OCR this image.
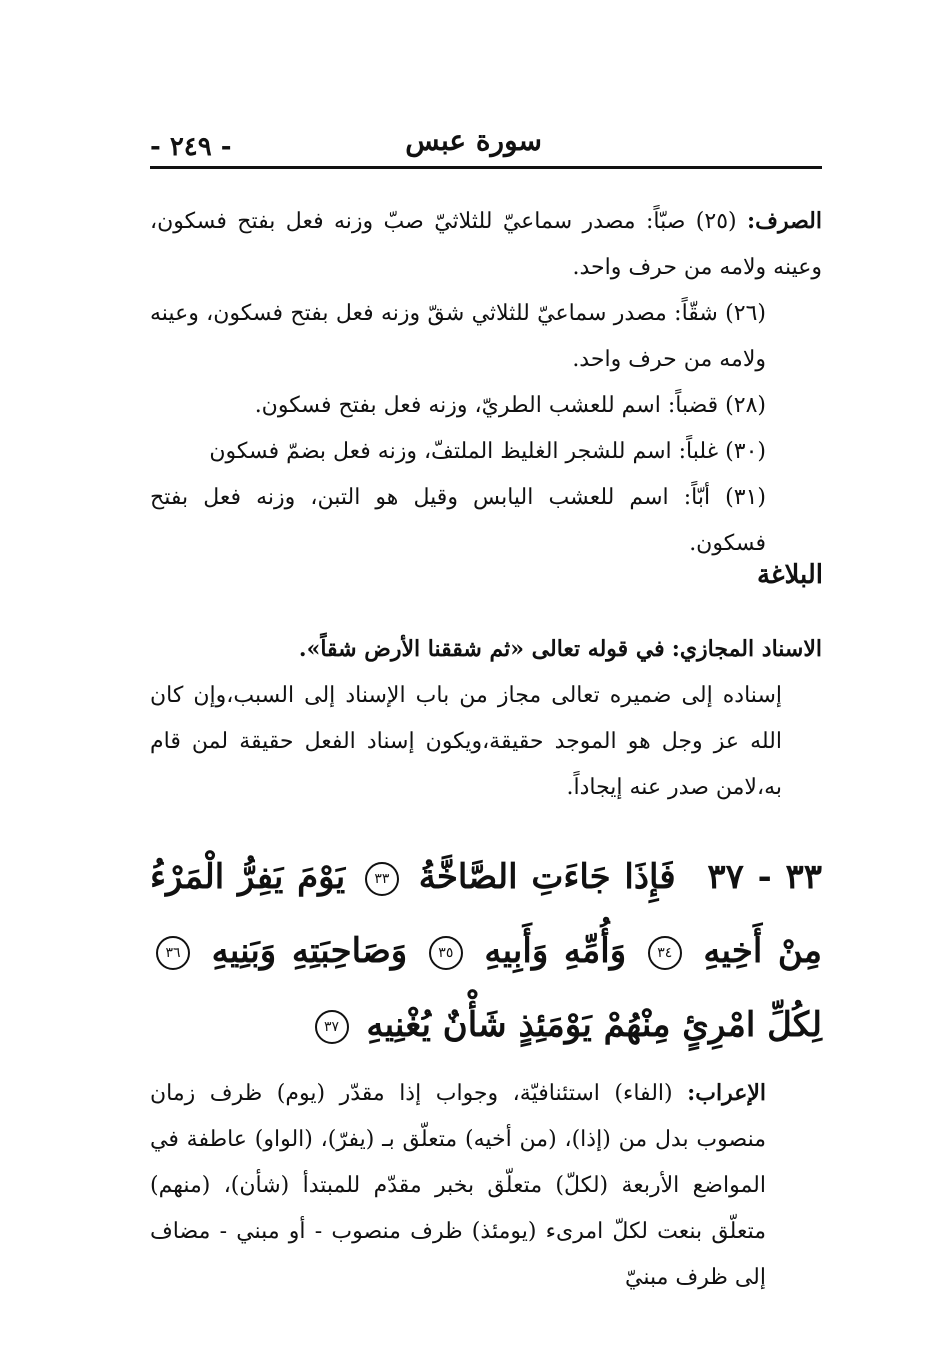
- ٢٤٩ -	سورة عبس

الصرف: (٢٥) صبّاً: مصدر سماعيّ للثلاثيّ صبّ وزنه فعل بفتح فسكون، وعينه ولامه من حرف واحد.

(٢٦) شقّاً: مصدر سماعيّ للثلاثي شقّ وزنه فعل بفتح فسكون، وعينه ولامه من حرف واحد.

(٢٨) قضباً: اسم للعشب الطريّ، وزنه فعل بفتح فسكون.

(٣٠) غلباً: اسم للشجر الغليظ الملتفّ، وزنه فعل بضمّ فسكون

(٣١) أبّاً: اسم للعشب اليابس وقيل هو التبن، وزنه فعل بفتح فسكون.

البلاغة

الاسناد المجازي: في قوله تعالى «ثم شققنا الأرض شقاً».

إسناده إلى ضميره تعالى مجاز من باب الإسناد إلى السبب،وإن كان الله عز وجل هو الموجد حقيقة،ويكون إسناد الفعل حقيقة لمن قام به،لامن صدر عنه إيجاداً.

٣٣ - ٣٧ فَإِذَا جَاءَتِ الصَّاخَّةُ ٣٣ يَوْمَ يَفِرُّ الْمَرْءُ مِنْ أَخِيهِ ٣٤ وَأُمِّهِ وَأَبِيهِ ٣٥ وَصَاحِبَتِهِ وَبَنِيهِ ٣٦ لِكُلِّ امْرِئٍ مِنْهُمْ يَوْمَئِذٍ شَأْنٌ يُغْنِيهِ ٣٧

الإعراب: (الفاء) استئنافيّة، وجواب إذا مقدّر (يوم) ظرف زمان منصوب بدل من (إذا)، (من أخيه) متعلّق بـ (يفرّ)، (الواو) عاطفة في المواضع الأربعة (لكلّ) متعلّق بخبر مقدّم للمبتدأ (شأن)، (منهم) متعلّق بنعت لكلّ امرىء (يومئذ) ظرف منصوب - أو مبني - مضاف إلى ظرف مبنيّ
